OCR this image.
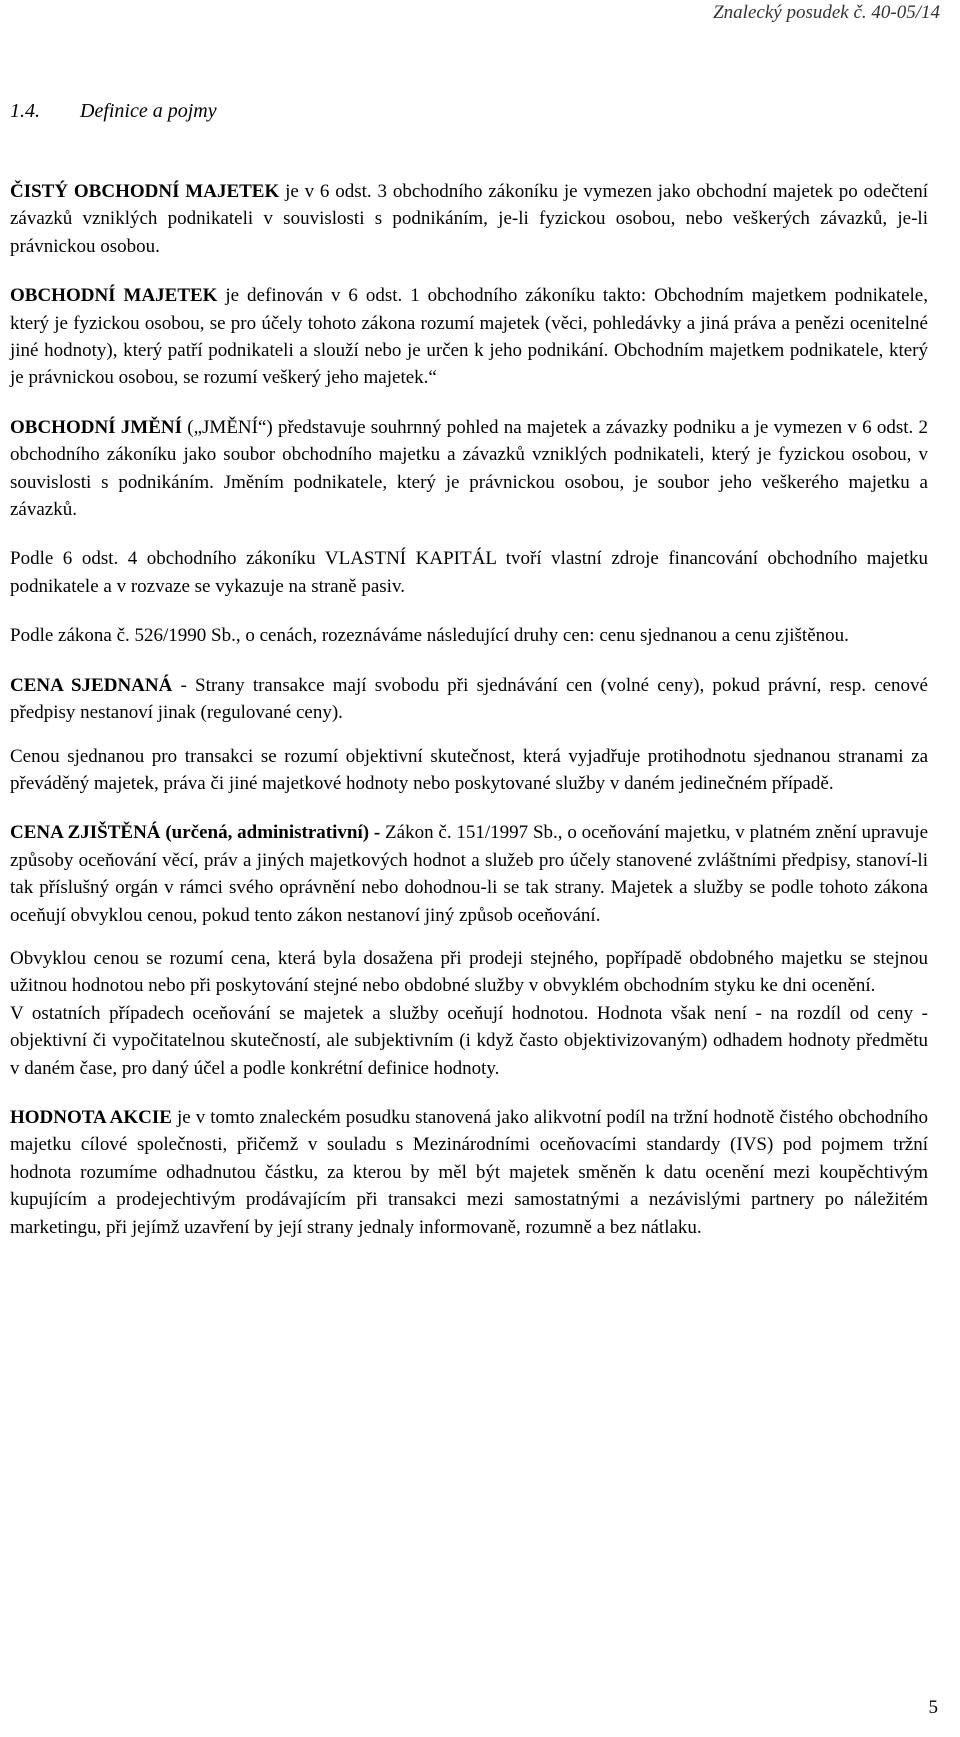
Znalecký posudek č. 40-05/14
1.4. Definice a pojmy

ČISTÝ OBCHODNÍ MAJETEK je v 6 odst. 3 obchodního zákoníku je vymezen jako obchodní majetek po odečtení závazků vzniklých podnikateli v souvislosti s podnikáním, je-li fyzickou osobou, nebo veškerých závazků, je-li právnickou osobou.

OBCHODNÍ MAJETEK je definován v 6 odst. 1 obchodního zákoníku takto: Obchodním majetkem podnikatele, který je fyzickou osobou, se pro účely tohoto zákona rozumí majetek (věci, pohledávky a jiná práva a penězi ocenitelné jiné hodnoty), který patří podnikateli a slouží nebo je určen k jeho podnikání. Obchodním majetkem podnikatele, který je právnickou osobou, se rozumí veškerý jeho majetek.“

OBCHODNÍ JMĚNÍ („JMĚNÍ“) představuje souhrnný pohled na majetek a závazky podniku a je vymezen v 6 odst. 2 obchodního zákoníku jako soubor obchodního majetku a závazků vzniklých podnikateli, který je fyzickou osobou, v souvislosti s podnikáním. Jměním podnikatele, který je právnickou osobou, je soubor jeho veškerého majetku a závazků.

Podle 6 odst. 4 obchodního zákoníku VLASTNÍ KAPITÁL tvoří vlastní zdroje financování obchodního majetku podnikatele a v rozvaze se vykazuje na straně pasiv.

Podle zákona č. 526/1990 Sb., o cenách, rozeznáváme následující druhy cen: cenu sjednanou a cenu zjištěnou.

CENA SJEDNANÁ - Strany transakce mají svobodu při sjednávání cen (volné ceny), pokud právní, resp. cenové předpisy nestanoví jinak (regulované ceny).

Cenou sjednanou pro transakci se rozumí objektivní skutečnost, která vyjadřuje protihodnotu sjednanou stranami za převáděný majetek, práva či jiné majetkové hodnoty nebo poskytované služby v daném jedinečném případě.

CENA ZJIŠTĚNÁ (určená, administrativní) - Zákon č. 151/1997 Sb., o oceňování majetku, v platném znění upravuje způsoby oceňování věcí, práv a jiných majetkových hodnot a služeb pro účely stanovené zvláštními předpisy, stanoví-li tak příslušný orgán v rámci svého oprávnění nebo dohodnou-li se tak strany. Majetek a služby se podle tohoto zákona oceňují obvyklou cenou, pokud tento zákon nestanoví jiný způsob oceňování.

Obvyklou cenou se rozumí cena, která byla dosažena při prodeji stejného, popřípadě obdobného majetku se stejnou užitnou hodnotou nebo při poskytování stejné nebo obdobné služby v obvyklém obchodním styku ke dni ocenění.

V ostatních případech oceňování se majetek a služby oceňují hodnotou. Hodnota však není - na rozdíl od ceny - objektivní či vypočitatelnou skutečností, ale subjektivním (i když často objektivizovaným) odhadem hodnoty předmětu v daném čase, pro daný účel a podle konkrétní definice hodnoty.

HODNOTA AKCIE je v tomto znaleckém posudku stanovená jako alikvotní podíl na tržní hodnotě čistého obchodního majetku cílové společnosti, přičemž v souladu s Mezinárodními oceňovacími standardy (IVS) pod pojmem tržní hodnota rozumíme odhadnutou částku, za kterou by měl být majetek směněn k datu ocenění mezi koupěchtivým kupujícím a prodejechtivým prodávajícím při transakci mezi samostatnými a nezávislými partnery po náležitém marketingu, při jejímž uzavření by její strany jednaly informovaně, rozumně a bez nátlaku.

5
